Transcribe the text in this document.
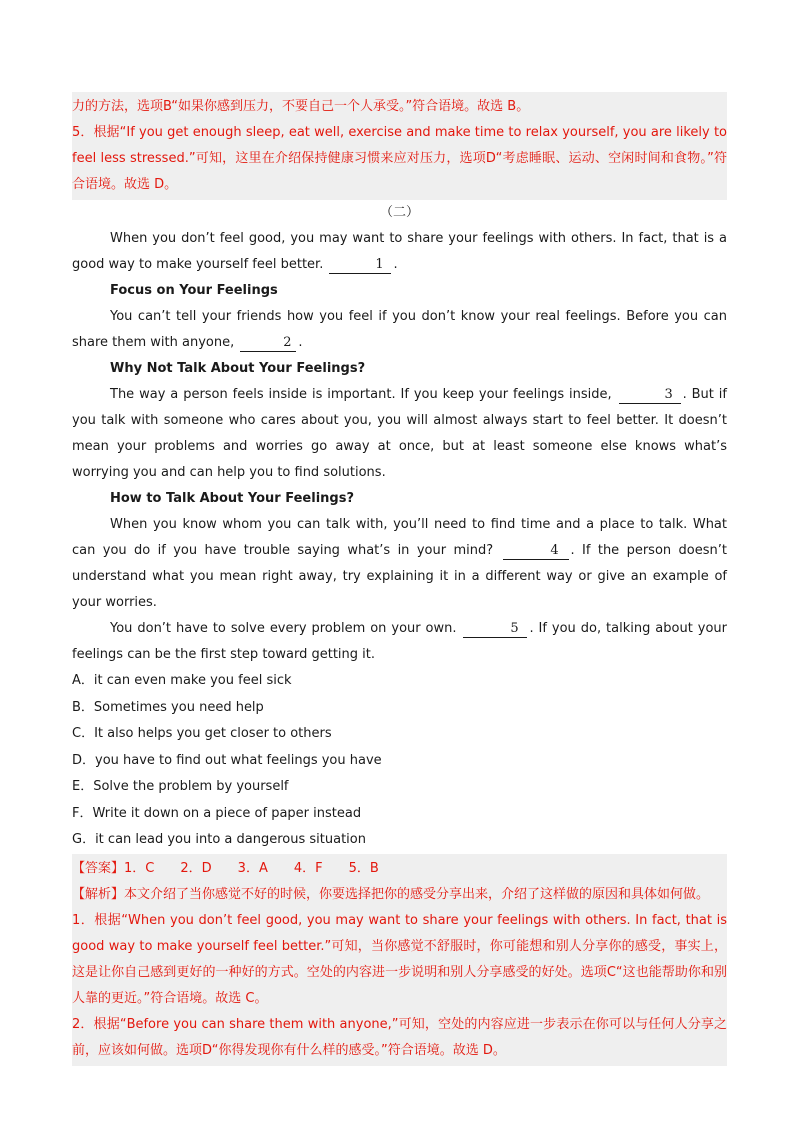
力的方法，选项B“如果你感到压力，不要自己一个人承受。”符合语境。故选 B。

5．根据“If you get enough sleep, eat well, exercise and make time to relax yourself, you are likely to feel less stressed.”可知，这里在介绍保持健康习惯来应对压力，选项D“考虑睡眠、运动、空闲时间和食物。”符合语境。故选 D。

（二）

When you don’t feel good, you may want to share your feelings with others. In fact, that is a good way to make yourself feel better.	1 .

Focus on Your Feelings

You can’t tell your friends how you feel if you don’t know your real feelings. Before you can share them with anyone,	2 .

Why Not Talk About Your Feelings?

The way a person feels inside is important. If you keep your feelings inside,	3 . But if you talk with someone who cares about you, you will almost always start to feel better. It doesn’t mean your problems and worries go away at once, but at least someone else knows what’s worrying you and can help you to find solutions.

How to Talk About Your Feelings?

When you know whom you can talk with, you’ll need to find time and a place to talk. What can you do if you have trouble saying what’s in your mind?	4 . If the person doesn’t understand what you mean right away, try explaining it in a different way or give an example of your worries.

You don’t have to solve every problem on your own.	5 . If you do, talking about your feelings can be the first step toward getting it.

A．it can even make you feel sick

B．Sometimes you need help

C．It also helps you get closer to others

D．you have to find out what feelings you have

E．Solve the problem by yourself

F．Write it down on a piece of paper instead

G．it can lead you into a dangerous situation

【答案】1．C 2．D 3．A 4．F 5．B

【解析】本文介绍了当你感觉不好的时候，你要选择把你的感受分享出来，介绍了这样做的原因和具体如何做。

1．根据“When you don’t feel good, you may want to share your feelings with others. In fact, that is good way to make yourself feel better.”可知，当你感觉不舒服时，你可能想和别人分享你的感受，事实上，这是让你自己感到更好的一种好的方式。空处的内容进一步说明和别人分享感受的好处。选项C“这也能帮助你和别人靠的更近。”符合语境。故选 C。

2．根据“Before you can share them with anyone,”可知，空处的内容应进一步表示在你可以与任何人分享之前，应该如何做。选项D“你得发现你有什么样的感受。”符合语境。故选 D。
